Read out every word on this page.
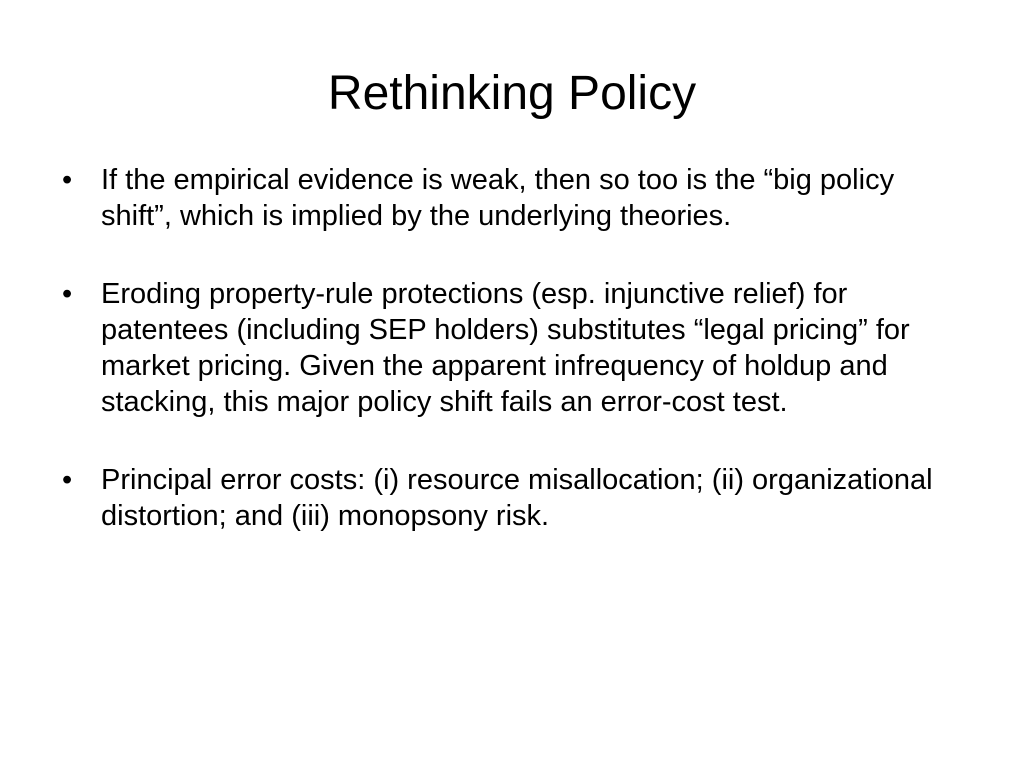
Rethinking Policy
• If the empirical evidence is weak, then so too is the “big policy shift”, which is implied by the underlying theories.
• Eroding property-rule protections (esp. injunctive relief) for patentees (including SEP holders) substitutes “legal pricing” for market pricing. Given the apparent infrequency of holdup and stacking, this major policy shift fails an error-cost test.
• Principal error costs: (i) resource misallocation; (ii) organizational distortion; and (iii) monopsony risk.
